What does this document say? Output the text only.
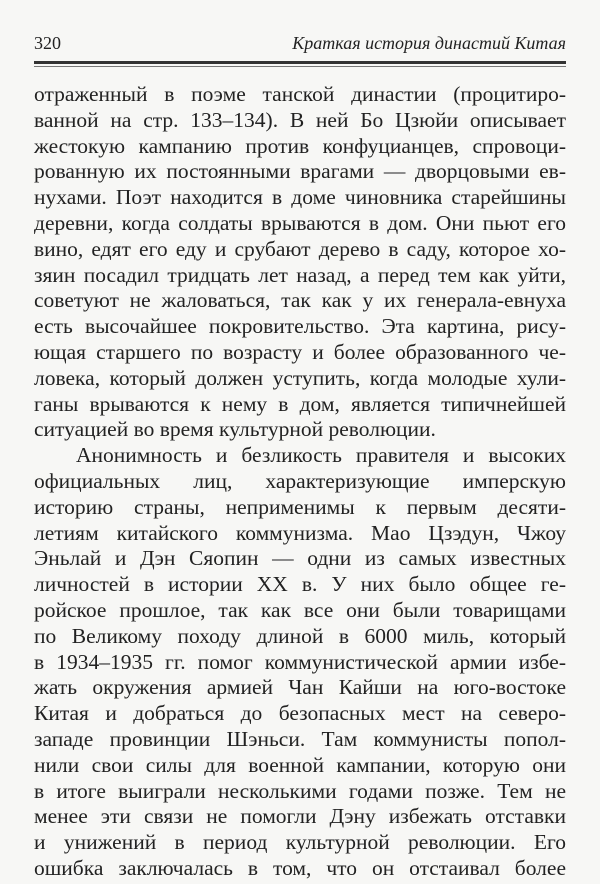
320	Краткая история династий Китая
отраженный в поэме танской династии (процитиро-
ванной на стр. 133–134). В ней Бо Цзюйи описывает
жестокую кампанию против конфуцианцев, спровоци-
рованную их постоянными врагами — дворцовыми ев-
нухами. Поэт находится в доме чиновника старейшины
деревни, когда солдаты врываются в дом. Они пьют его
вино, едят его еду и срубают дерево в саду, которое хо-
зяин посадил тридцать лет назад, а перед тем как уйти,
советуют не жаловаться, так как у их генерала-евнуха
есть высочайшее покровительство. Эта картина, рису-
ющая старшего по возрасту и более образованного че-
ловека, который должен уступить, когда молодые хули-
ганы врываются к нему в дом, является типичнейшей
ситуацией во время культурной революции.
Анонимность и безликость правителя и высоких
официальных лиц, характеризующие имперскую
историю страны, неприменимы к первым десяти-
летиям китайского коммунизма. Мао Цзэдун, Чжоу
Эньлай и Дэн Сяопин — одни из самых известных
личностей в истории XX в. У них было общее ге-
ройское прошлое, так как все они были товарищами
по Великому походу длиной в 6000 миль, который
в 1934–1935 гг. помог коммунистической армии избе-
жать окружения армией Чан Кайши на юго-востоке
Китая и добраться до безопасных мест на северо-
западе провинции Шэньси. Там коммунисты попол-
нили свои силы для военной кампании, которую они
в итоге выиграли несколькими годами позже. Тем не
менее эти связи не помогли Дэну избежать отставки
и унижений в период культурной революции. Его
ошибка заключалась в том, что он отстаивал более
